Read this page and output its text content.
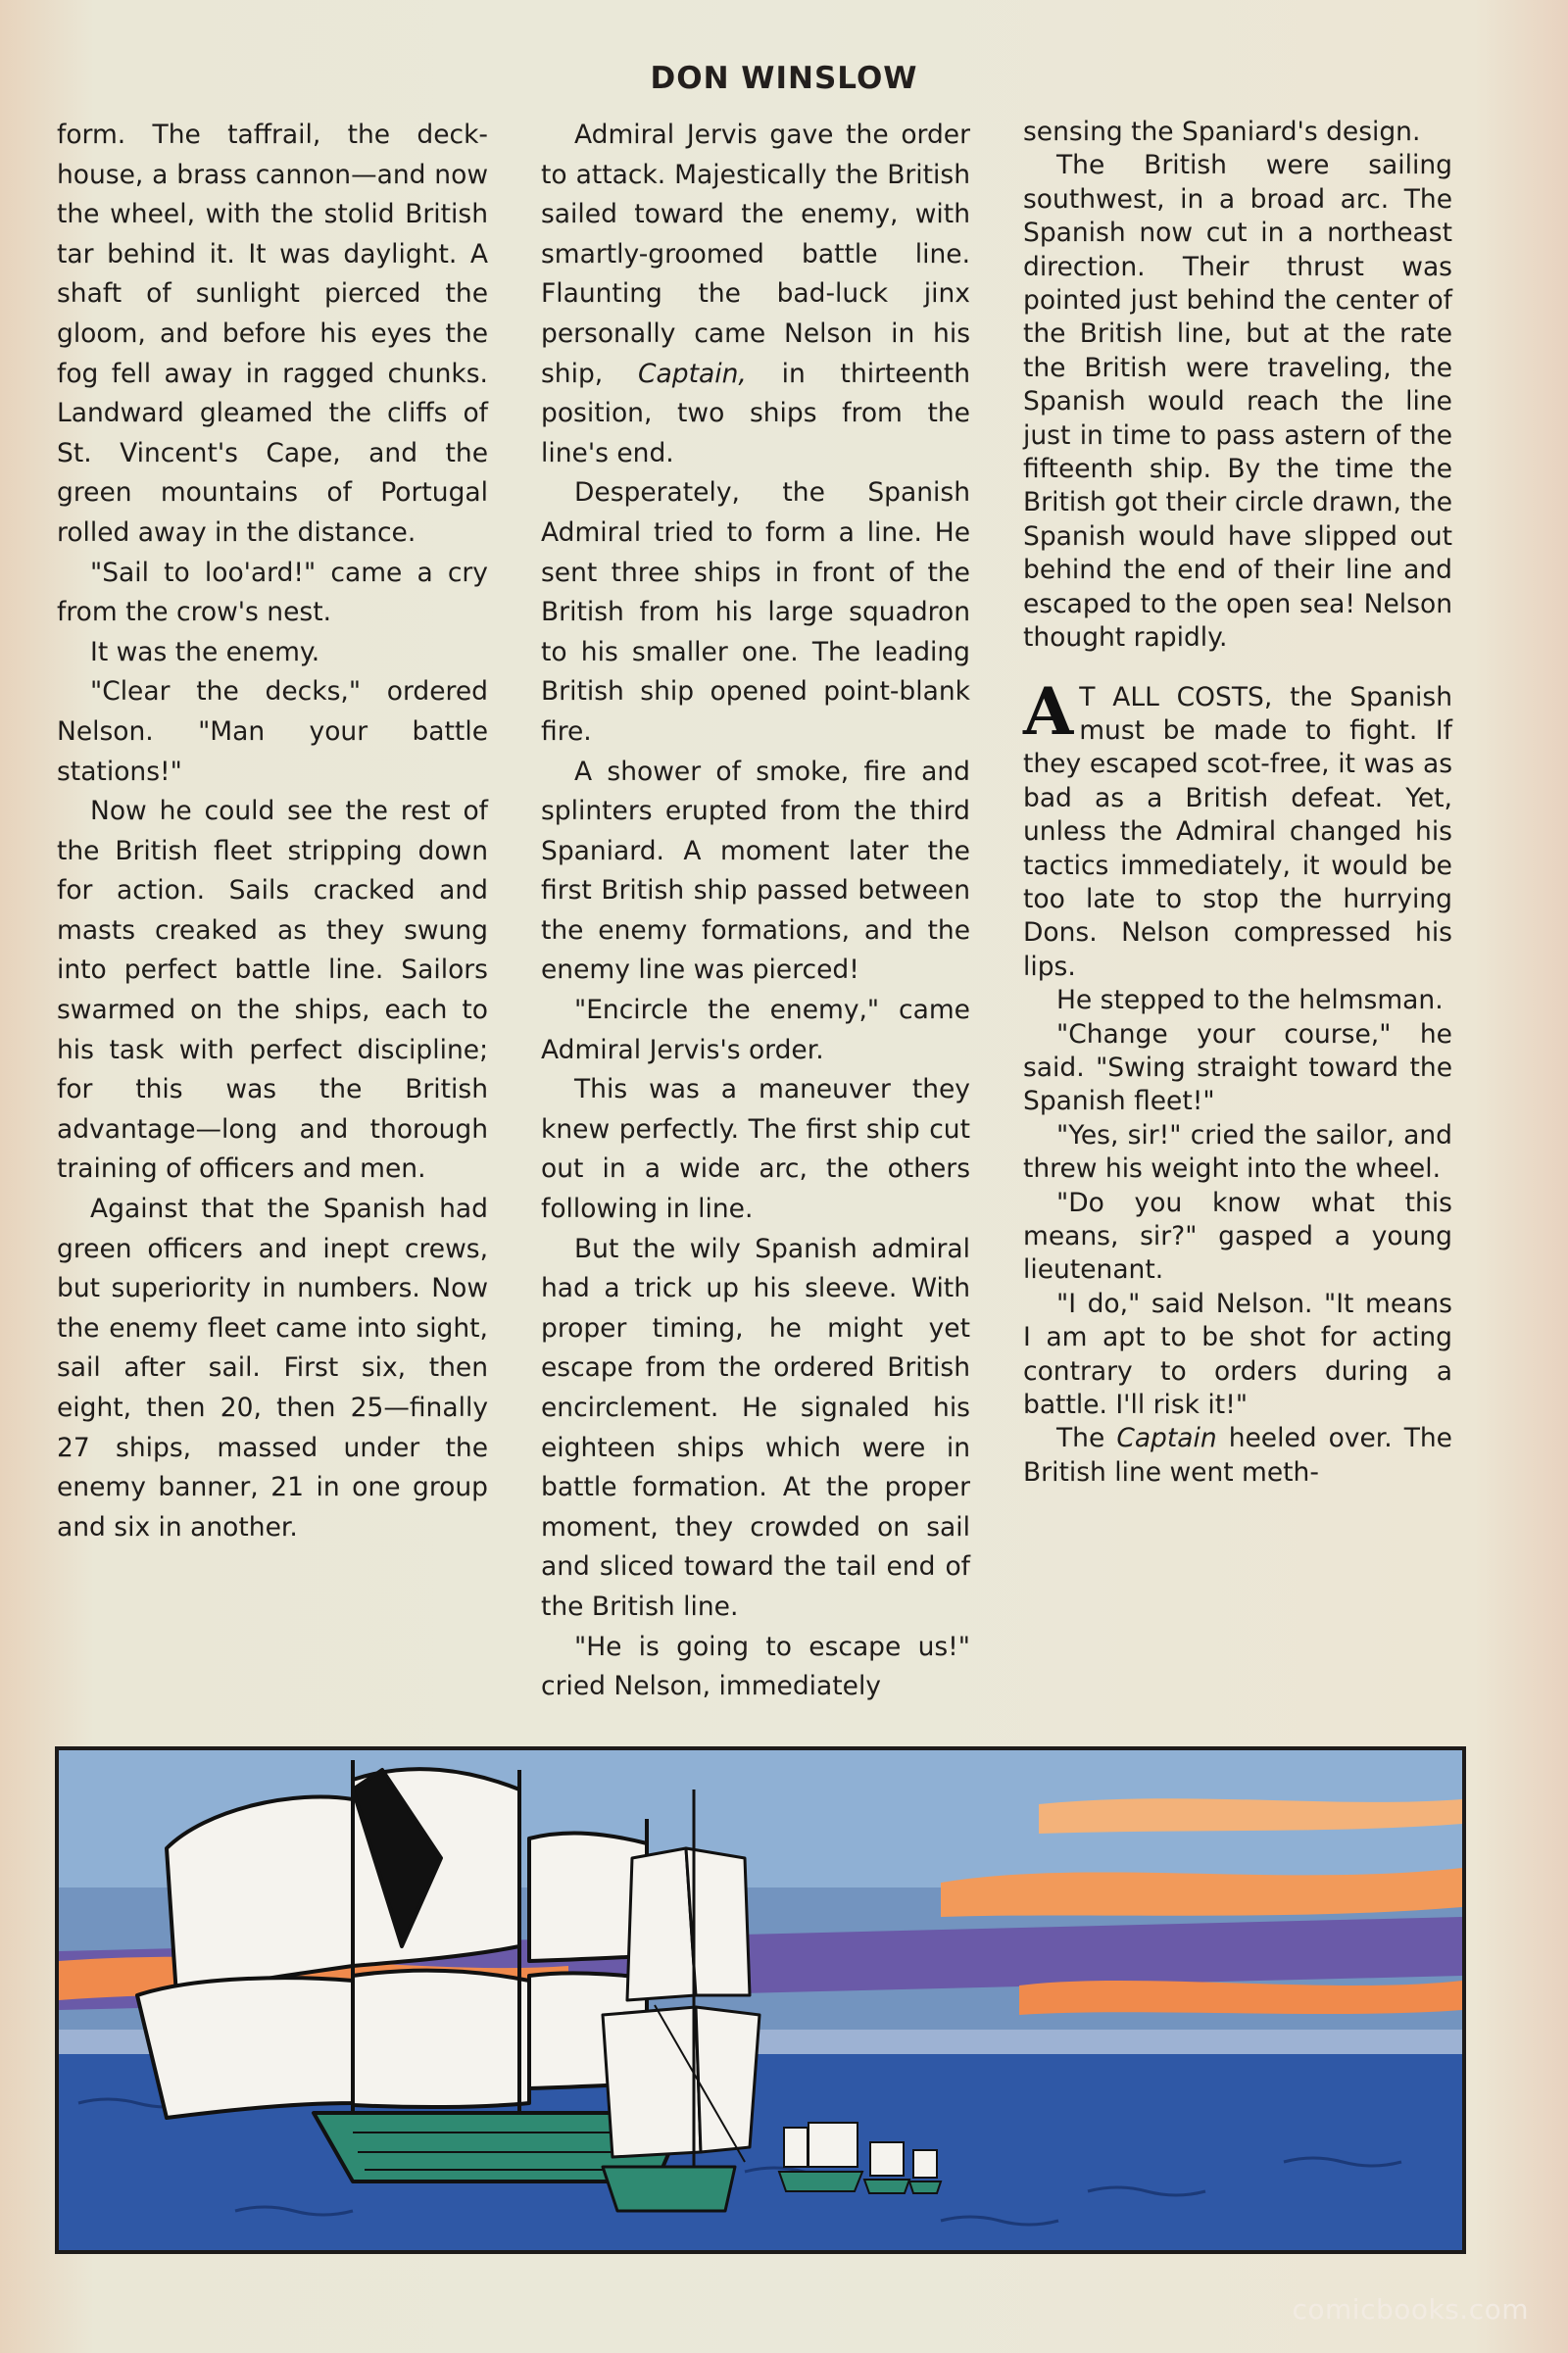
DON WINSLOW

form. The taffrail, the deck-house, a brass cannon—and now the wheel, with the stolid British tar behind it. It was daylight. A shaft of sunlight pierced the gloom, and before his eyes the fog fell away in ragged chunks. Landward gleamed the cliffs of St. Vincent's Cape, and the green mountains of Portugal rolled away in the distance.

"Sail to loo'ard!" came a cry from the crow's nest.

It was the enemy.

"Clear the decks," ordered Nelson. "Man your battle stations!"

Now he could see the rest of the British fleet stripping down for action. Sails cracked and masts creaked as they swung into perfect battle line. Sailors swarmed on the ships, each to his task with perfect discipline; for this was the British advantage—long and thorough training of officers and men.

Against that the Spanish had green officers and inept crews, but superiority in numbers. Now the enemy fleet came into sight, sail after sail. First six, then eight, then 20, then 25—finally 27 ships, massed under the enemy banner, 21 in one group and six in another.

Admiral Jervis gave the order to attack. Majestically the British sailed toward the enemy, with smartly-groomed battle line. Flaunting the bad-luck jinx personally came Nelson in his ship, Captain, in thirteenth position, two ships from the line's end.

Desperately, the Spanish Admiral tried to form a line. He sent three ships in front of the British from his large squadron to his smaller one. The leading British ship opened point-blank fire.

A shower of smoke, fire and splinters erupted from the third Spaniard. A moment later the first British ship passed between the enemy formations, and the enemy line was pierced!

"Encircle the enemy," came Admiral Jervis's order.

This was a maneuver they knew perfectly. The first ship cut out in a wide arc, the others following in line.

But the wily Spanish admiral had a trick up his sleeve. With proper timing, he might yet escape from the ordered British encirclement. He signaled his eighteen ships which were in battle formation. At the proper moment, they crowded on sail and sliced toward the tail end of the British line.

"He is going to escape us!" cried Nelson, immediately

sensing the Spaniard's design.

The British were sailing southwest, in a broad arc. The Spanish now cut in a northeast direction. Their thrust was pointed just behind the center of the British line, but at the rate the British were traveling, the Spanish would reach the line just in time to pass astern of the fifteenth ship. By the time the British got their circle drawn, the Spanish would have slipped out behind the end of their line and escaped to the open sea! Nelson thought rapidly.

A T ALL COSTS, the Spanish must be made to fight. If they escaped scot-free, it was as bad as a British defeat. Yet, unless the Admiral changed his tactics immediately, it would be too late to stop the hurrying Dons. Nelson compressed his lips.

He stepped to the helmsman.

"Change your course," he said. "Swing straight toward the Spanish fleet!"

"Yes, sir!" cried the sailor, and threw his weight into the wheel.

"Do you know what this means, sir?" gasped a young lieutenant.

"I do," said Nelson. "It means I am apt to be shot for acting contrary to orders during a battle. I'll risk it!"

The Captain heeled over. The British line went meth-

comicbooks.com
